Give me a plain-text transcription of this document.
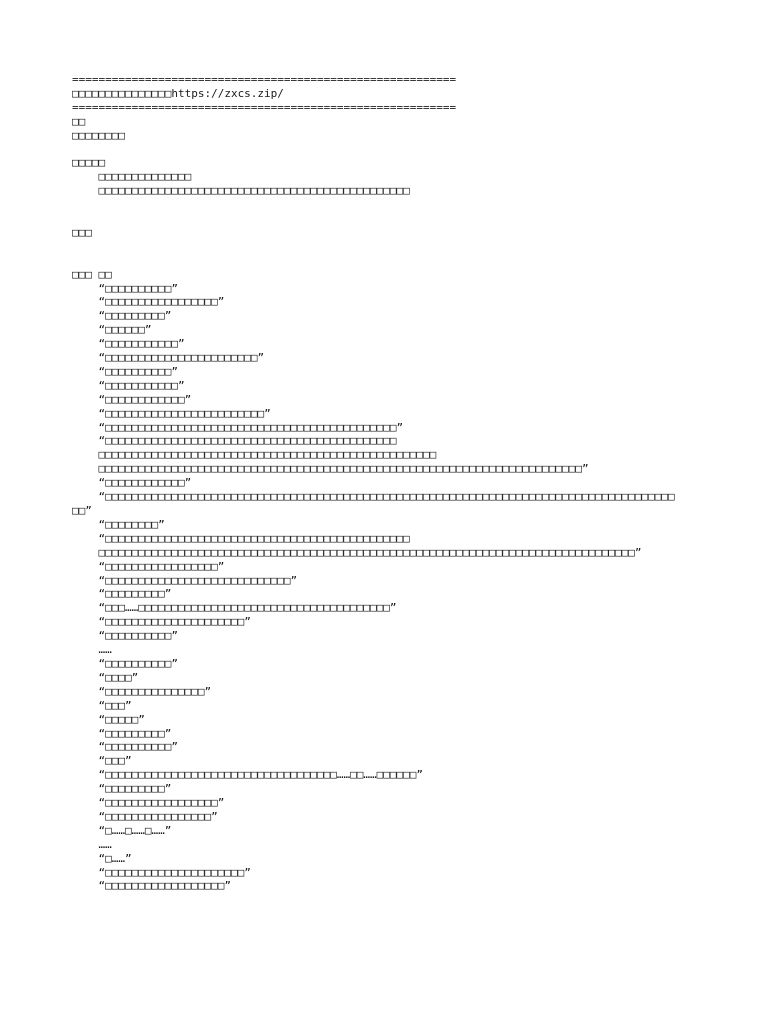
==========================================================
□□□□□□□□□□□□□□□https://zxcs.zip/
==========================================================
□□
□□□□□□□□
□□□□□
□□□□□□□□□□□□□□
□□□□□□□□□□□□□□□□□□□□□□□□□□□□□□□□□□□□□□□□□□□□□□□
□□□
□□□ □□
“□□□□□□□□□□”
“□□□□□□□□□□□□□□□□□”
“□□□□□□□□□”
“□□□□□□”
“□□□□□□□□□□□”
“□□□□□□□□□□□□□□□□□□□□□□□”
“□□□□□□□□□□”
“□□□□□□□□□□□”
“□□□□□□□□□□□□”
“□□□□□□□□□□□□□□□□□□□□□□□□”
“□□□□□□□□□□□□□□□□□□□□□□□□□□□□□□□□□□□□□□□□□□□□”
“□□□□□□□□□□□□□□□□□□□□□□□□□□□□□□□□□□□□□□□□□□□□
□□□□□□□□□□□□□□□□□□□□□□□□□□□□□□□□□□□□□□□□□□□□□□□□□□□
□□□□□□□□□□□□□□□□□□□□□□□□□□□□□□□□□□□□□□□□□□□□□□□□□□□□□□□□□□□□□□□□□□□□□□□□□”
“□□□□□□□□□□□□”
“□□□□□□□□□□□□□□□□□□□□□□□□□□□□□□□□□□□□□□□□□□□□□□□□□□□□□□□□□□□□□□□□□□□□□□□□□□□□□□□□□□□□□□
□□”
“□□□□□□□□”
“□□□□□□□□□□□□□□□□□□□□□□□□□□□□□□□□□□□□□□□□□□□□□□
□□□□□□□□□□□□□□□□□□□□□□□□□□□□□□□□□□□□□□□□□□□□□□□□□□□□□□□□□□□□□□□□□□□□□□□□□□□□□□□□□”
“□□□□□□□□□□□□□□□□□”
“□□□□□□□□□□□□□□□□□□□□□□□□□□□□”
“□□□□□□□□□”
“□□□……□□□□□□□□□□□□□□□□□□□□□□□□□□□□□□□□□□□□□□”
“□□□□□□□□□□□□□□□□□□□□□”
“□□□□□□□□□□”
……
“□□□□□□□□□□”
“□□□□”
“□□□□□□□□□□□□□□□”
“□□□”
“□□□□□”
“□□□□□□□□□”
“□□□□□□□□□□”
“□□□”
“□□□□□□□□□□□□□□□□□□□□□□□□□□□□□□□□□□□……□□……□□□□□□”
“□□□□□□□□□”
“□□□□□□□□□□□□□□□□□”
“□□□□□□□□□□□□□□□□”
“□……□……□……”
……
“□……”
“□□□□□□□□□□□□□□□□□□□□□”
“□□□□□□□□□□□□□□□□□□”
